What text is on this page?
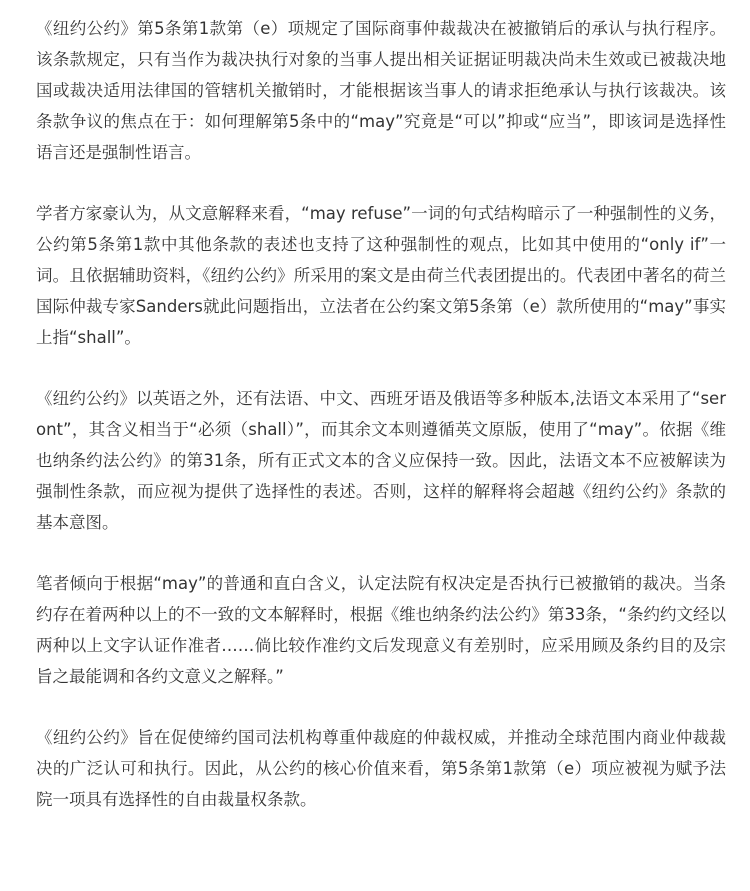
《纽约公约》第5条第1款第（e）项规定了国际商事仲裁裁决在被撤销后的承认与执行程序。该条款规定，只有当作为裁决执行对象的当事人提出相关证据证明裁决尚未生效或已被裁决地国或裁决适用法律国的管辖机关撤销时，才能根据该当事人的请求拒绝承认与执行该裁决。该条款争议的焦点在于：如何理解第5条中的“may”究竟是“可以”抑或“应当”，即该词是选择性语言还是强制性语言。

学者方家豪认为，从文意解释来看，“may refuse”一词的句式结构暗示了一种强制性的义务，公约第5条第1款中其他条款的表述也支持了这种强制性的观点，比如其中使用的“only if”一词。且依据辅助资料，《纽约公约》所采用的案文是由荷兰代表团提出的。代表团中著名的荷兰国际仲裁专家Sanders就此问题指出，立法者在公约案文第5条第（e）款所使用的“may”事实上指“shall”。

《纽约公约》以英语之外，还有法语、中文、西班牙语及俄语等多种版本,法语文本采用了“seront”，其含义相当于“必须（shall）”，而其余文本则遵循英文原版，使用了“may”。依据《维也纳条约法公约》的第31条，所有正式文本的含义应保持一致。因此，法语文本不应被解读为强制性条款，而应视为提供了选择性的表述。否则，这样的解释将会超越《纽约公约》条款的基本意图。

笔者倾向于根据“may”的普通和直白含义，认定法院有权决定是否执行已被撤销的裁决。当条约存在着两种以上的不一致的文本解释时，根据《维也纳条约法公约》第33条，“条约约文经以两种以上文字认证作准者……倘比较作准约文后发现意义有差别时，应采用顾及条约目的及宗旨之最能调和各约文意义之解释。”

《纽约公约》旨在促使缔约国司法机构尊重仲裁庭的仲裁权威，并推动全球范围内商业仲裁裁决的广泛认可和执行。因此，从公约的核心价值来看，第5条第1款第（e）项应被视为赋予法院一项具有选择性的自由裁量权条款。
